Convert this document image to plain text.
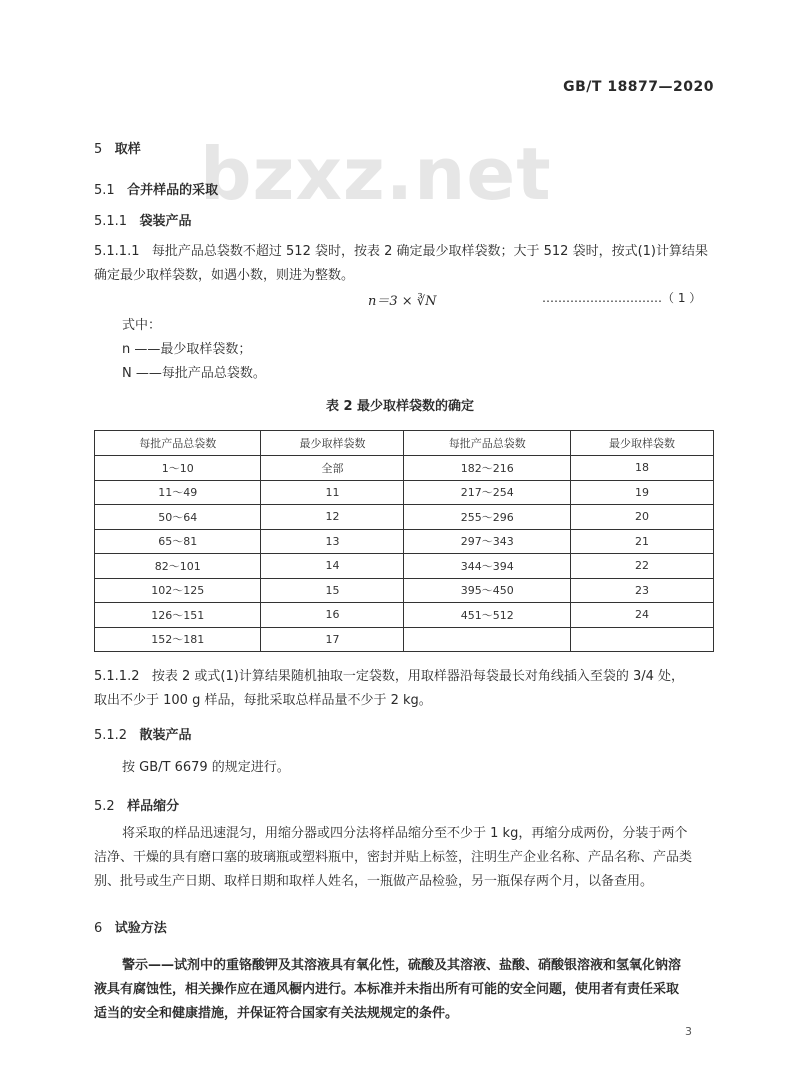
GB/T 18877—2020
bzxz.net
5 取样
5.1 合并样品的采取
5.1.1 袋装产品
5.1.1.1 每批产品总袋数不超过 512 袋时，按表 2 确定最少取样袋数；大于 512 袋时，按式(1)计算结果
确定最少取样袋数，如遇小数，则进为整数。
n＝3 × ∛N	…………………………（ 1 ）
式中：
n ——最少取样袋数；
N ——每批产品总袋数。
表 2 最少取样袋数的确定
每批产品总袋数	最少取样袋数	每批产品总袋数	最少取样袋数
1～10	全部	182～216	18
11～49	11	217～254	19
50～64	12	255～296	20
65～81	13	297～343	21
82～101	14	344～394	22
102～125	15	395～450	23
126～151	16	451～512	24
152～181	17		
5.1.1.2 按表 2 或式(1)计算结果随机抽取一定袋数，用取样器沿每袋最长对角线插入至袋的 3/4 处，
取出不少于 100 g 样品，每批采取总样品量不少于 2 kg。
5.1.2 散装产品
按 GB/T 6679 的规定进行。
5.2 样品缩分
将采取的样品迅速混匀，用缩分器或四分法将样品缩分至不少于 1 kg，再缩分成两份，分装于两个
洁净、干燥的具有磨口塞的玻璃瓶或塑料瓶中，密封并贴上标签，注明生产企业名称、产品名称、产品类
别、批号或生产日期、取样日期和取样人姓名，一瓶做产品检验，另一瓶保存两个月，以备查用。
6 试验方法
警示——试剂中的重铬酸钾及其溶液具有氧化性，硫酸及其溶液、盐酸、硝酸银溶液和氢氧化钠溶
液具有腐蚀性，相关操作应在通风橱内进行。本标准并未指出所有可能的安全问题，使用者有责任采取
适当的安全和健康措施，并保证符合国家有关法规规定的条件。
3
